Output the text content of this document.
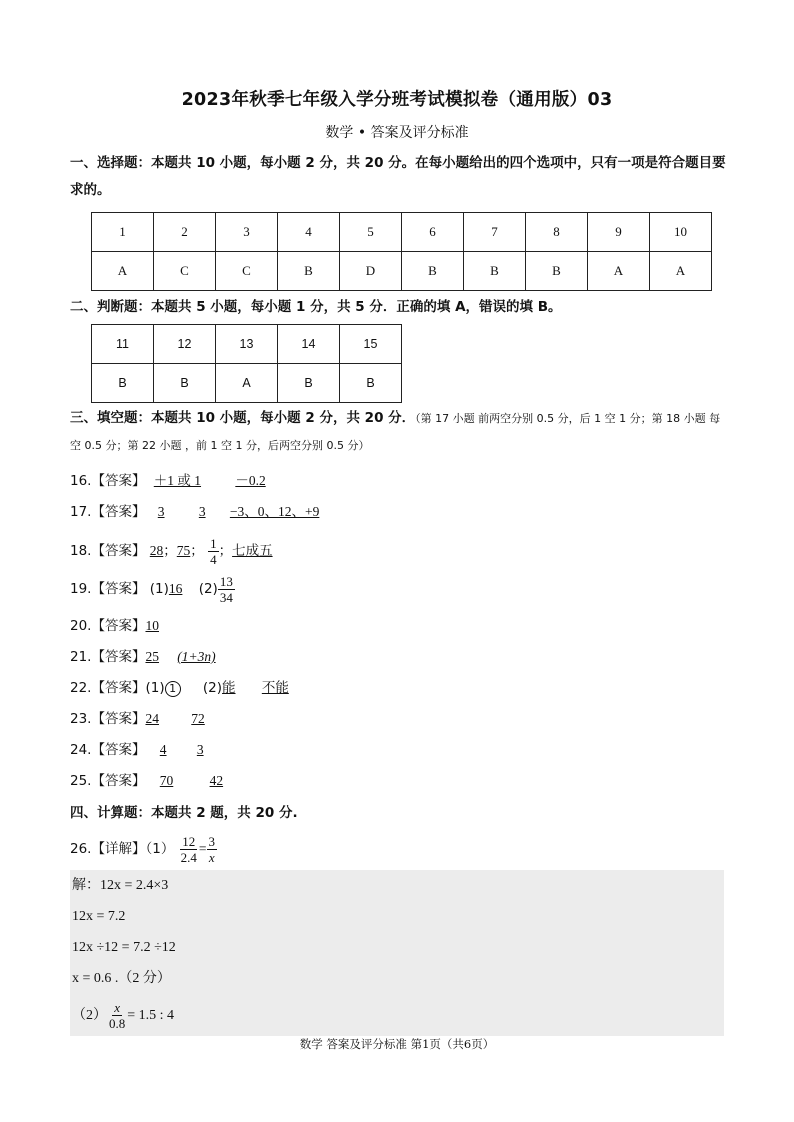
2023年秋季七年级入学分班考试模拟卷（通用版）03
数学 • 答案及评分标准
一、选择题：本题共 10 小题，每小题 2 分，共 20 分。在每小题给出的四个选项中，只有一项是符合题目要求的。
1	2	3	4	5	6	7	8	9	10
A	C	C	B	D	B	B	B	A	A
二、判断题：本题共 5 小题，每小题 1 分，共 5 分．正确的填 A，错误的填 B。
11	12	13	14	15
B	B	A	B	B
三、填空题：本题共 10 小题，每小题 2 分，共 20 分．（第 17 小题 前两空分别 0.5 分，后 1 空 1 分；第 18 小题 每空 0.5 分；第 22 小题 ，前 1 空 1 分，后两空分别 0.5 分）
16.【答案】 ＋1 或 1	－0.2
17.【答案】 3	3 −3、0、12、+9
18.【答案】 28；75； $\frac{1}{4}$ ；七成五
19.【答案】 (1)16 $(2) \frac{13}{34}$
20.【答案】10
21.【答案】25 (1+3n)
22.【答案】(1) 1 (2)能 不能
23.【答案】24 72
24.【答案】 4 3
25.【答案】 70	42
四、计算题：本题共 2 题，共 20 分.
26.【详解】$(1) \frac{12}{2.4} = \frac{3}{x}$
解：12x = 2.4×3
12x = 7.2
12x ÷12 = 7.2 ÷12
x = 0.6 .（2 分）
$(2) \frac{x}{0.8} = 1.5$ : 4
数学 答案及评分标准 第1页（共6页）
